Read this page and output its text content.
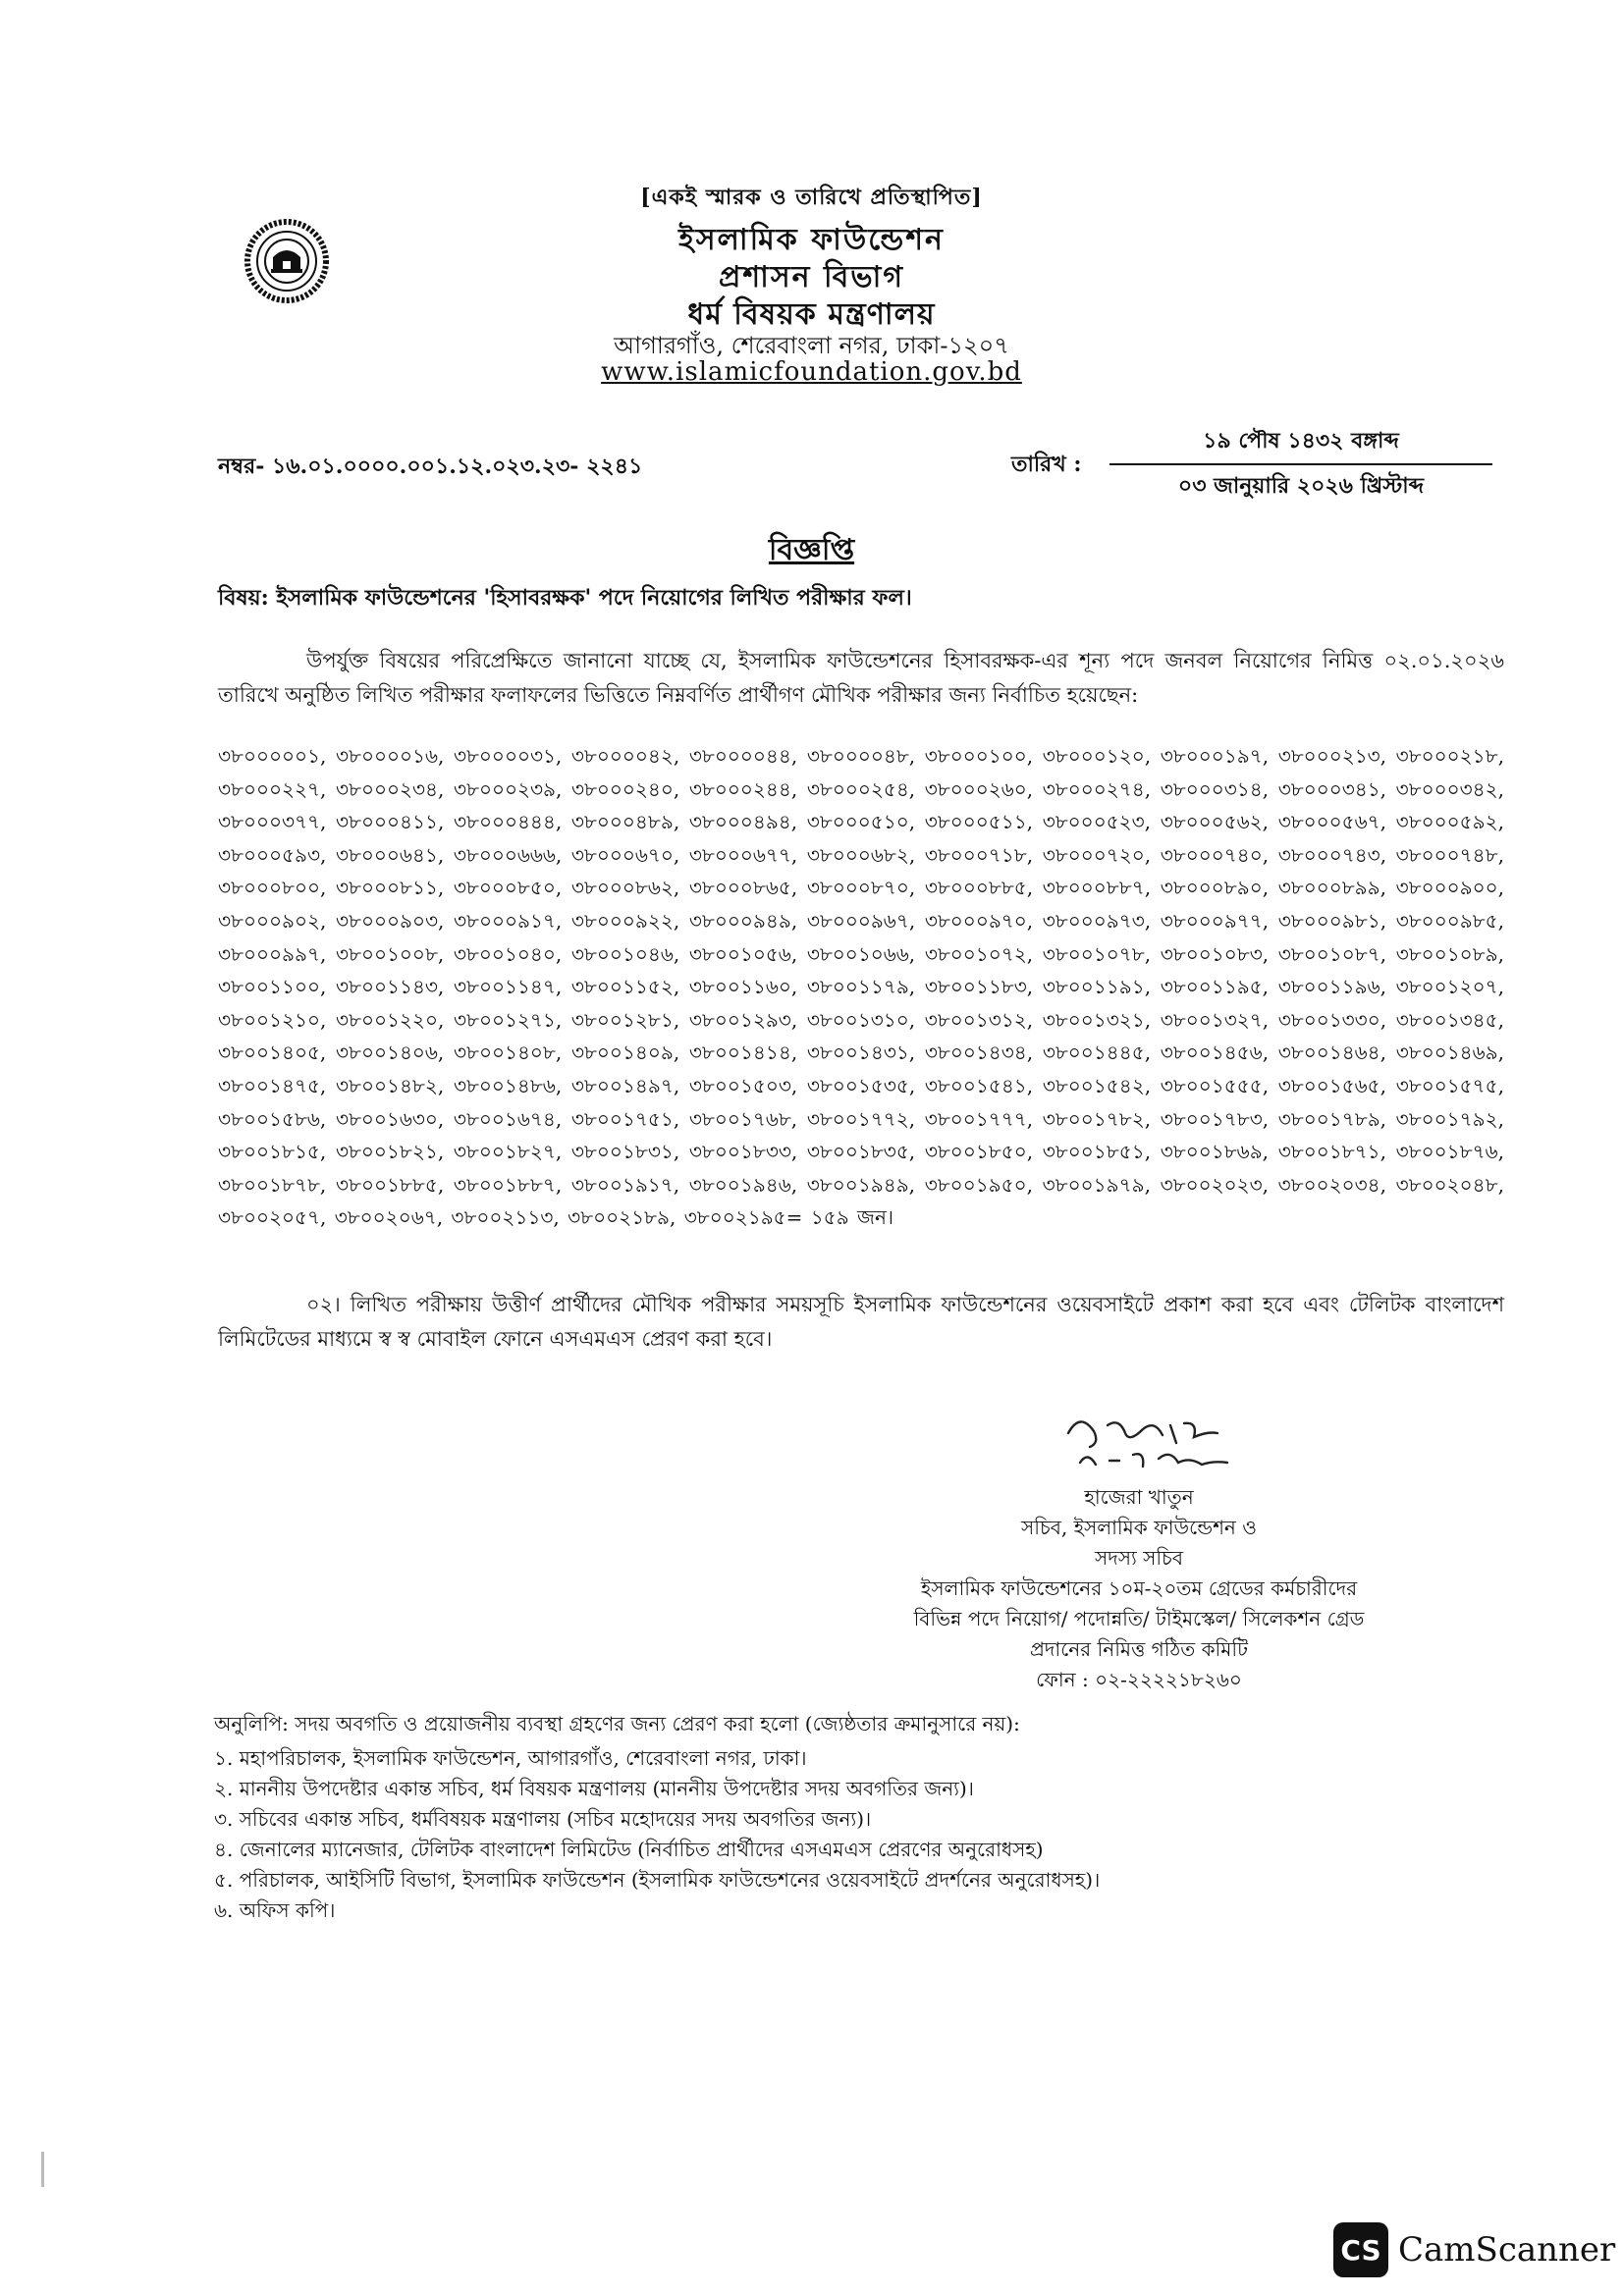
[একই স্মারক ও তারিখে প্রতিস্থাপিত]
ইসলামিক ফাউন্ডেশন
প্রশাসন বিভাগ
ধর্ম বিষয়ক মন্ত্রণালয়
আগারগাঁও, শেরেবাংলা নগর, ঢাকা-১২০৭
www.islamicfoundation.gov.bd
নম্বর- ১৬.০১.০০০০.০০১.১২.০২৩.২৩- ২২৪১	তারিখ :
১৯ পৌষ ১৪৩২ বঙ্গাব্দ
০৩ জানুয়ারি ২০২৬ খ্রিস্টাব্দ
বিজ্ঞপ্তি
বিষয়: ইসলামিক ফাউন্ডেশনের 'হিসাবরক্ষক' পদে নিয়োগের লিখিত পরীক্ষার ফল।
উপর্যুক্ত বিষয়ের পরিপ্রেক্ষিতে জানানো যাচ্ছে যে, ইসলামিক ফাউন্ডেশনের হিসাবরক্ষক-এর শূন্য পদে জনবল নিয়োগের নিমিত্ত ০২.০১.২০২৬ তারিখে অনুষ্ঠিত লিখিত পরীক্ষার ফলাফলের ভিত্তিতে নিম্নবর্ণিত প্রার্থীগণ মৌখিক পরীক্ষার জন্য নির্বাচিত হয়েছেন:
৩৮০০০০০১, ৩৮০০০০১৬, ৩৮০০০০৩১, ৩৮০০০০৪২, ৩৮০০০০৪৪, ৩৮০০০০৪৮, ৩৮০০০১০০, ৩৮০০০১২০, ৩৮০০০১৯৭, ৩৮০০০২১৩, ৩৮০০০২১৮, ৩৮০০০২২৭, ৩৮০০০২৩৪, ৩৮০০০২৩৯, ৩৮০০০২৪০, ৩৮০০০২৪৪, ৩৮০০০২৫৪, ৩৮০০০২৬০, ৩৮০০০২৭৪, ৩৮০০০৩১৪, ৩৮০০০৩৪১, ৩৮০০০৩৪২, ৩৮০০০৩৭৭, ৩৮০০০৪১১, ৩৮০০০৪৪৪, ৩৮০০০৪৮৯, ৩৮০০০৪৯৪, ৩৮০০০৫১০, ৩৮০০০৫১১, ৩৮০০০৫২৩, ৩৮০০০৫৬২, ৩৮০০০৫৬৭, ৩৮০০০৫৯২, ৩৮০০০৫৯৩, ৩৮০০০৬৪১, ৩৮০০০৬৬৬, ৩৮০০০৬৭০, ৩৮০০০৬৭৭, ৩৮০০০৬৮২, ৩৮০০০৭১৮, ৩৮০০০৭২০, ৩৮০০০৭৪০, ৩৮০০০৭৪৩, ৩৮০০০৭৪৮, ৩৮০০০৮০০, ৩৮০০০৮১১, ৩৮০০০৮৫০, ৩৮০০০৮৬২, ৩৮০০০৮৬৫, ৩৮০০০৮৭০, ৩৮০০০৮৮৫, ৩৮০০০৮৮৭, ৩৮০০০৮৯০, ৩৮০০০৮৯৯, ৩৮০০০৯০০, ৩৮০০০৯০২, ৩৮০০০৯০৩, ৩৮০০০৯১৭, ৩৮০০০৯২২, ৩৮০০০৯৪৯, ৩৮০০০৯৬৭, ৩৮০০০৯৭০, ৩৮০০০৯৭৩, ৩৮০০০৯৭৭, ৩৮০০০৯৮১, ৩৮০০০৯৮৫, ৩৮০০০৯৯৭, ৩৮০০১০০৮, ৩৮০০১০৪০, ৩৮০০১০৪৬, ৩৮০০১০৫৬, ৩৮০০১০৬৬, ৩৮০০১০৭২, ৩৮০০১০৭৮, ৩৮০০১০৮৩, ৩৮০০১০৮৭, ৩৮০০১০৮৯, ৩৮০০১১০০, ৩৮০০১১৪৩, ৩৮০০১১৪৭, ৩৮০০১১৫২, ৩৮০০১১৬০, ৩৮০০১১৭৯, ৩৮০০১১৮৩, ৩৮০০১১৯১, ৩৮০০১১৯৫, ৩৮০০১১৯৬, ৩৮০০১২০৭, ৩৮০০১২১০, ৩৮০০১২২০, ৩৮০০১২৭১, ৩৮০০১২৮১, ৩৮০০১২৯৩, ৩৮০০১৩১০, ৩৮০০১৩১২, ৩৮০০১৩২১, ৩৮০০১৩২৭, ৩৮০০১৩৩০, ৩৮০০১৩৪৫, ৩৮০০১৪০৫, ৩৮০০১৪০৬, ৩৮০০১৪০৮, ৩৮০০১৪০৯, ৩৮০০১৪১৪, ৩৮০০১৪৩১, ৩৮০০১৪৩৪, ৩৮০০১৪৪৫, ৩৮০০১৪৫৬, ৩৮০০১৪৬৪, ৩৮০০১৪৬৯, ৩৮০০১৪৭৫, ৩৮০০১৪৮২, ৩৮০০১৪৮৬, ৩৮০০১৪৯৭, ৩৮০০১৫০৩, ৩৮০০১৫৩৫, ৩৮০০১৫৪১, ৩৮০০১৫৪২, ৩৮০০১৫৫৫, ৩৮০০১৫৬৫, ৩৮০০১৫৭৫, ৩৮০০১৫৮৬, ৩৮০০১৬৩০, ৩৮০০১৬৭৪, ৩৮০০১৭৫১, ৩৮০০১৭৬৮, ৩৮০০১৭৭২, ৩৮০০১৭৭৭, ৩৮০০১৭৮২, ৩৮০০১৭৮৩, ৩৮০০১৭৮৯, ৩৮০০১৭৯২, ৩৮০০১৮১৫, ৩৮০০১৮২১, ৩৮০০১৮২৭, ৩৮০০১৮৩১, ৩৮০০১৮৩৩, ৩৮০০১৮৩৫, ৩৮০০১৮৫০, ৩৮০০১৮৫১, ৩৮০০১৮৬৯, ৩৮০০১৮৭১, ৩৮০০১৮৭৬, ৩৮০০১৮৭৮, ৩৮০০১৮৮৫, ৩৮০০১৮৮৭, ৩৮০০১৯১৭, ৩৮০০১৯৪৬, ৩৮০০১৯৪৯, ৩৮০০১৯৫০, ৩৮০০১৯৭৯, ৩৮০০২০২৩, ৩৮০০২০৩৪, ৩৮০০২০৪৮, ৩৮০০২০৫৭, ৩৮০০২০৬৭, ৩৮০০২১১৩, ৩৮০০২১৮৯, ৩৮০০২১৯৫= ১৫৯ জন।
০২। লিখিত পরীক্ষায় উত্তীর্ণ প্রার্থীদের মৌখিক পরীক্ষার সময়সূচি ইসলামিক ফাউন্ডেশনের ওয়েবসাইটে প্রকাশ করা হবে এবং টেলিটক বাংলাদেশ লিমিটেডের মাধ্যমে স্ব স্ব মোবাইল ফোনে এসএমএস প্রেরণ করা হবে।
হাজেরা খাতুন
সচিব, ইসলামিক ফাউন্ডেশন ও
সদস্য সচিব
ইসলামিক ফাউন্ডেশনের ১০ম-২০তম গ্রেডের কর্মচারীদের
বিভিন্ন পদে নিয়োগ/ পদোন্নতি/ টাইমস্কেল/ সিলেকশন গ্রেড
প্রদানের নিমিত্ত গঠিত কমিটি
ফোন : ০২-২২২২১৮২৬০
অনুলিপি: সদয় অবগতি ও প্রয়োজনীয় ব্যবস্থা গ্রহণের জন্য প্রেরণ করা হলো (জ্যেষ্ঠতার ক্রমানুসারে নয়):
১. মহাপরিচালক, ইসলামিক ফাউন্ডেশন, আগারগাঁও, শেরেবাংলা নগর, ঢাকা।
২. মাননীয় উপদেষ্টার একান্ত সচিব, ধর্ম বিষয়ক মন্ত্রণালয় (মাননীয় উপদেষ্টার সদয় অবগতির জন্য)।
৩. সচিবের একান্ত সচিব, ধর্মবিষয়ক মন্ত্রণালয় (সচিব মহোদয়ের সদয় অবগতির জন্য)।
৪. জেনালের ম্যানেজার, টেলিটক বাংলাদেশ লিমিটেড (নির্বাচিত প্রার্থীদের এসএমএস প্রেরণের অনুরোধসহ)
৫. পরিচালক, আইসিটি বিভাগ, ইসলামিক ফাউন্ডেশন (ইসলামিক ফাউন্ডেশনের ওয়েবসাইটে প্রদর্শনের অনুরোধসহ)।
৬. অফিস কপি।
CS CamScanner
